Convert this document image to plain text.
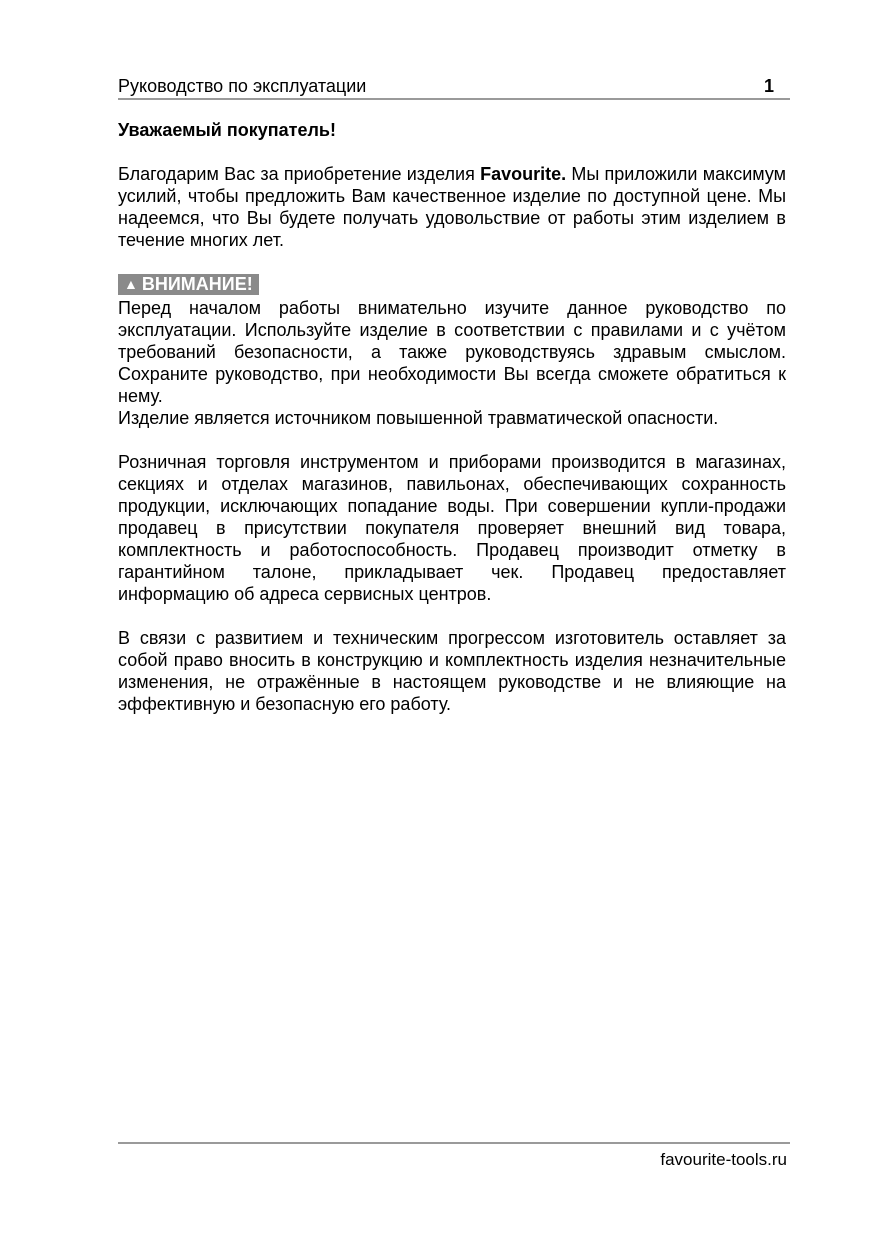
Руководство по эксплуатации	1

Уважаемый покупатель!

Благодарим Вас за приобретение изделия Favourite. Мы приложили максимум усилий, чтобы предложить Вам качественное изделие по доступной цене. Мы надеемся, что Вы будете получать удовольствие от работы этим изделием в течение многих лет.

▲ ВНИМАНИЕ!

Перед началом работы внимательно изучите данное руководство по эксплуатации. Используйте изделие в соответствии с правилами и с учётом требований безопасности, а также руководствуясь здравым смыслом. Сохраните руководство, при необходимости Вы всегда сможете обратиться к нему.

Изделие является источником повышенной травматической опасности.

Розничная торговля инструментом и приборами производится в магазинах, секциях и отделах магазинов, павильонах, обеспечивающих сохранность продукции, исключающих попадание воды. При совершении купли-продажи продавец в присутствии покупателя проверяет внешний вид товара, комплектность и работоспособность. Продавец производит отметку в гарантийном талоне, прикладывает чек. Продавец предоставляет информацию об адреса сервисных центров.

В связи с развитием и техническим прогрессом изготовитель оставляет за собой право вносить в конструкцию и комплектность изделия незначительные изменения, не отражённые в настоящем руководстве и не влияющие на эффективную и безопасную его работу.

favourite-tools.ru
